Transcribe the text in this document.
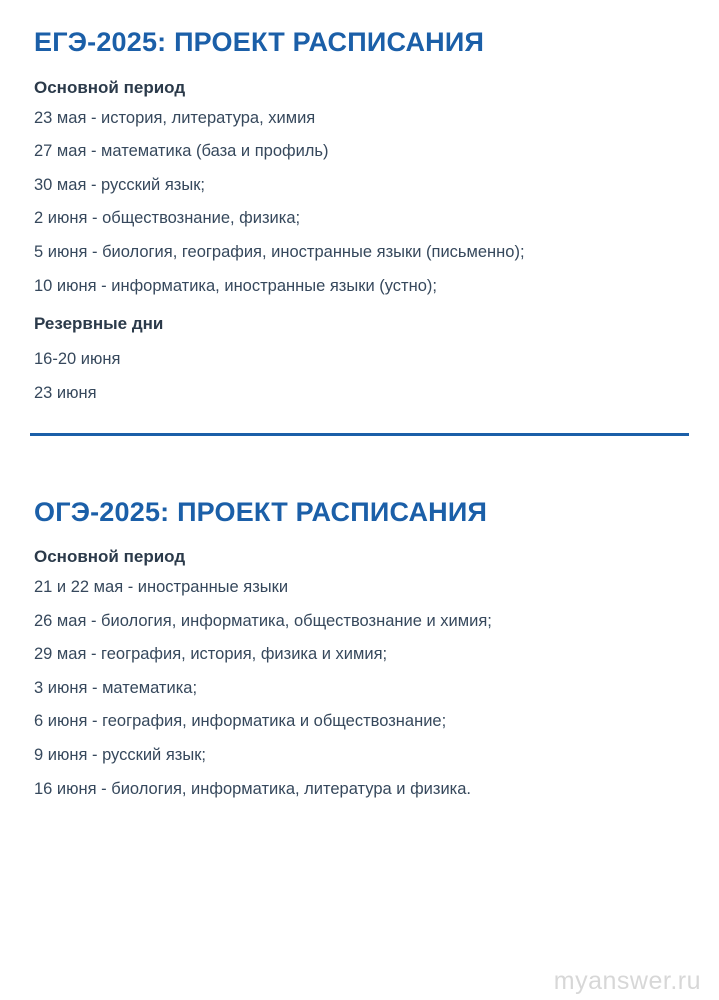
ЕГЭ-2025: ПРОЕКТ РАСПИСАНИЯ
Основной период
23 мая - история, литература, химия
27 мая - математика (база и профиль)
30 мая - русский язык;
2 июня - обществознание, физика;
5 июня - биология, география, иностранные языки (письменно);
10 июня - информатика, иностранные языки (устно);
Резервные дни
16-20 июня
23 июня
ОГЭ-2025: ПРОЕКТ РАСПИСАНИЯ
Основной период
21 и 22 мая - иностранные языки
26 мая - биология, информатика, обществознание и химия;
29 мая - география, история, физика и химия;
3 июня - математика;
6 июня - география, информатика и обществознание;
9 июня - русский язык;
16 июня - биология, информатика, литература и физика.
myanswer.ru
